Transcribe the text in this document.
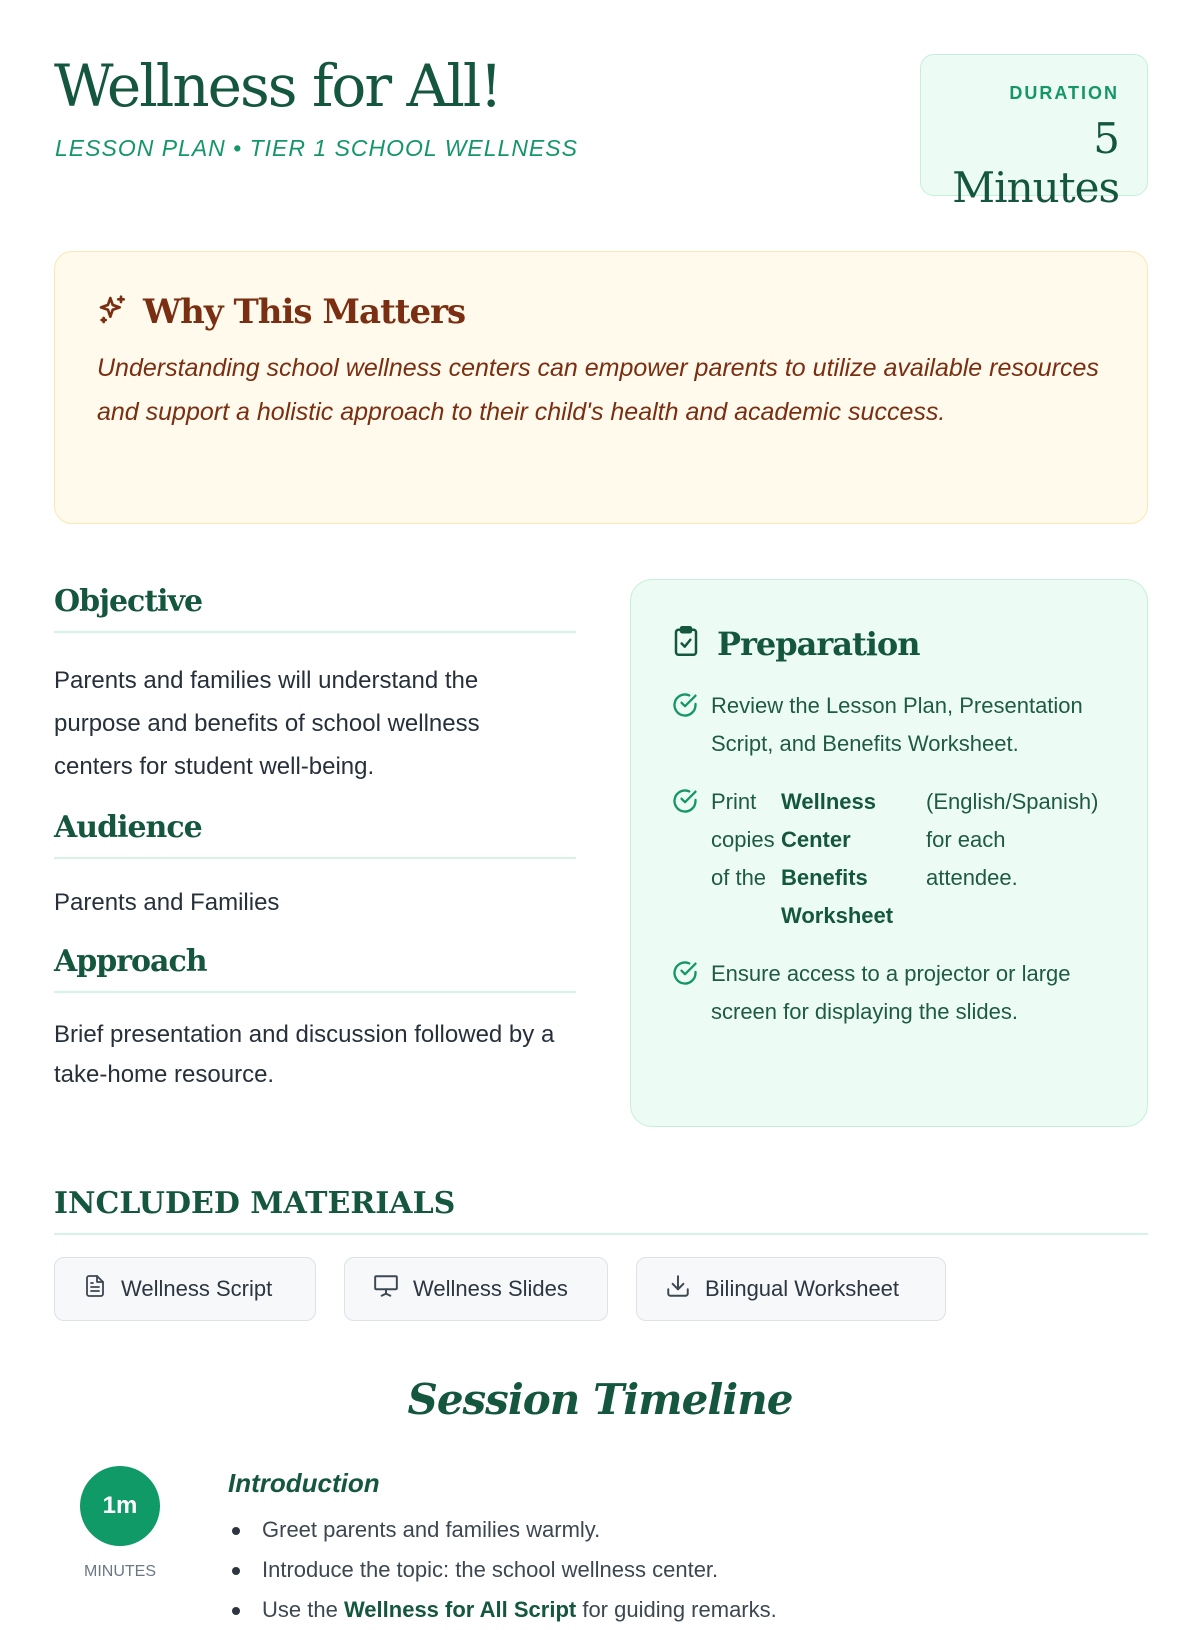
Wellness for All!
LESSON PLAN • TIER 1 SCHOOL WELLNESS
DURATION
5 Minutes
Why This Matters

Understanding school wellness centers can empower parents to utilize available resources and support a holistic approach to their child's health and academic success.

Objective

Parents and families will understand the purpose and benefits of school wellness centers for student well-being.

Audience

Parents and Families

Approach

Brief presentation and discussion followed by a take-home resource.

Preparation
Review the Lesson Plan, Presentation Script, and Benefits Worksheet.
Print
copies
of the
Wellness
Center
Benefits
Worksheet
(English/Spanish)
for each
attendee.
Ensure access to a projector or large screen for displaying the slides.
INCLUDED MATERIALS
Wellness Script	Wellness Slides	Bilingual Worksheet
Session Timeline
1m
MINUTES
Introduction
Greet parents and families warmly.
Introduce the topic: the school wellness center.
Use the Wellness for All Script for guiding remarks.
